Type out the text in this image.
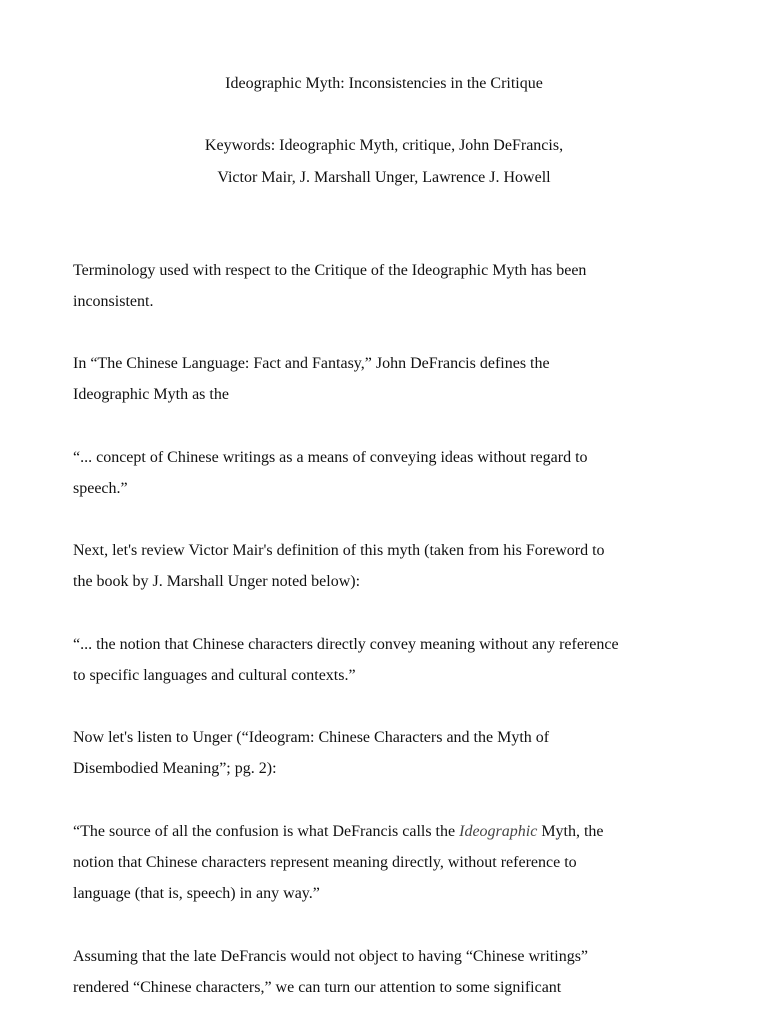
Ideographic Myth: Inconsistencies in the Critique
Keywords: Ideographic Myth, critique, John DeFrancis,
Victor Mair, J. Marshall Unger, Lawrence J. Howell
Terminology used with respect to the Critique of the Ideographic Myth has been
inconsistent.
In “The Chinese Language: Fact and Fantasy,” John DeFrancis defines the
Ideographic Myth as the
“... concept of Chinese writings as a means of conveying ideas without regard to
speech.”
Next, let's review Victor Mair's definition of this myth (taken from his Foreword to
the book by J. Marshall Unger noted below):
“... the notion that Chinese characters directly convey meaning without any reference
to specific languages and cultural contexts.”
Now let's listen to Unger (“Ideogram: Chinese Characters and the Myth of
Disembodied Meaning”; pg. 2):
“The source of all the confusion is what DeFrancis calls the Ideographic Myth, the
notion that Chinese characters represent meaning directly, without reference to
language (that is, speech) in any way.”
Assuming that the late DeFrancis would not object to having “Chinese writings”
rendered “Chinese characters,” we can turn our attention to some significant
